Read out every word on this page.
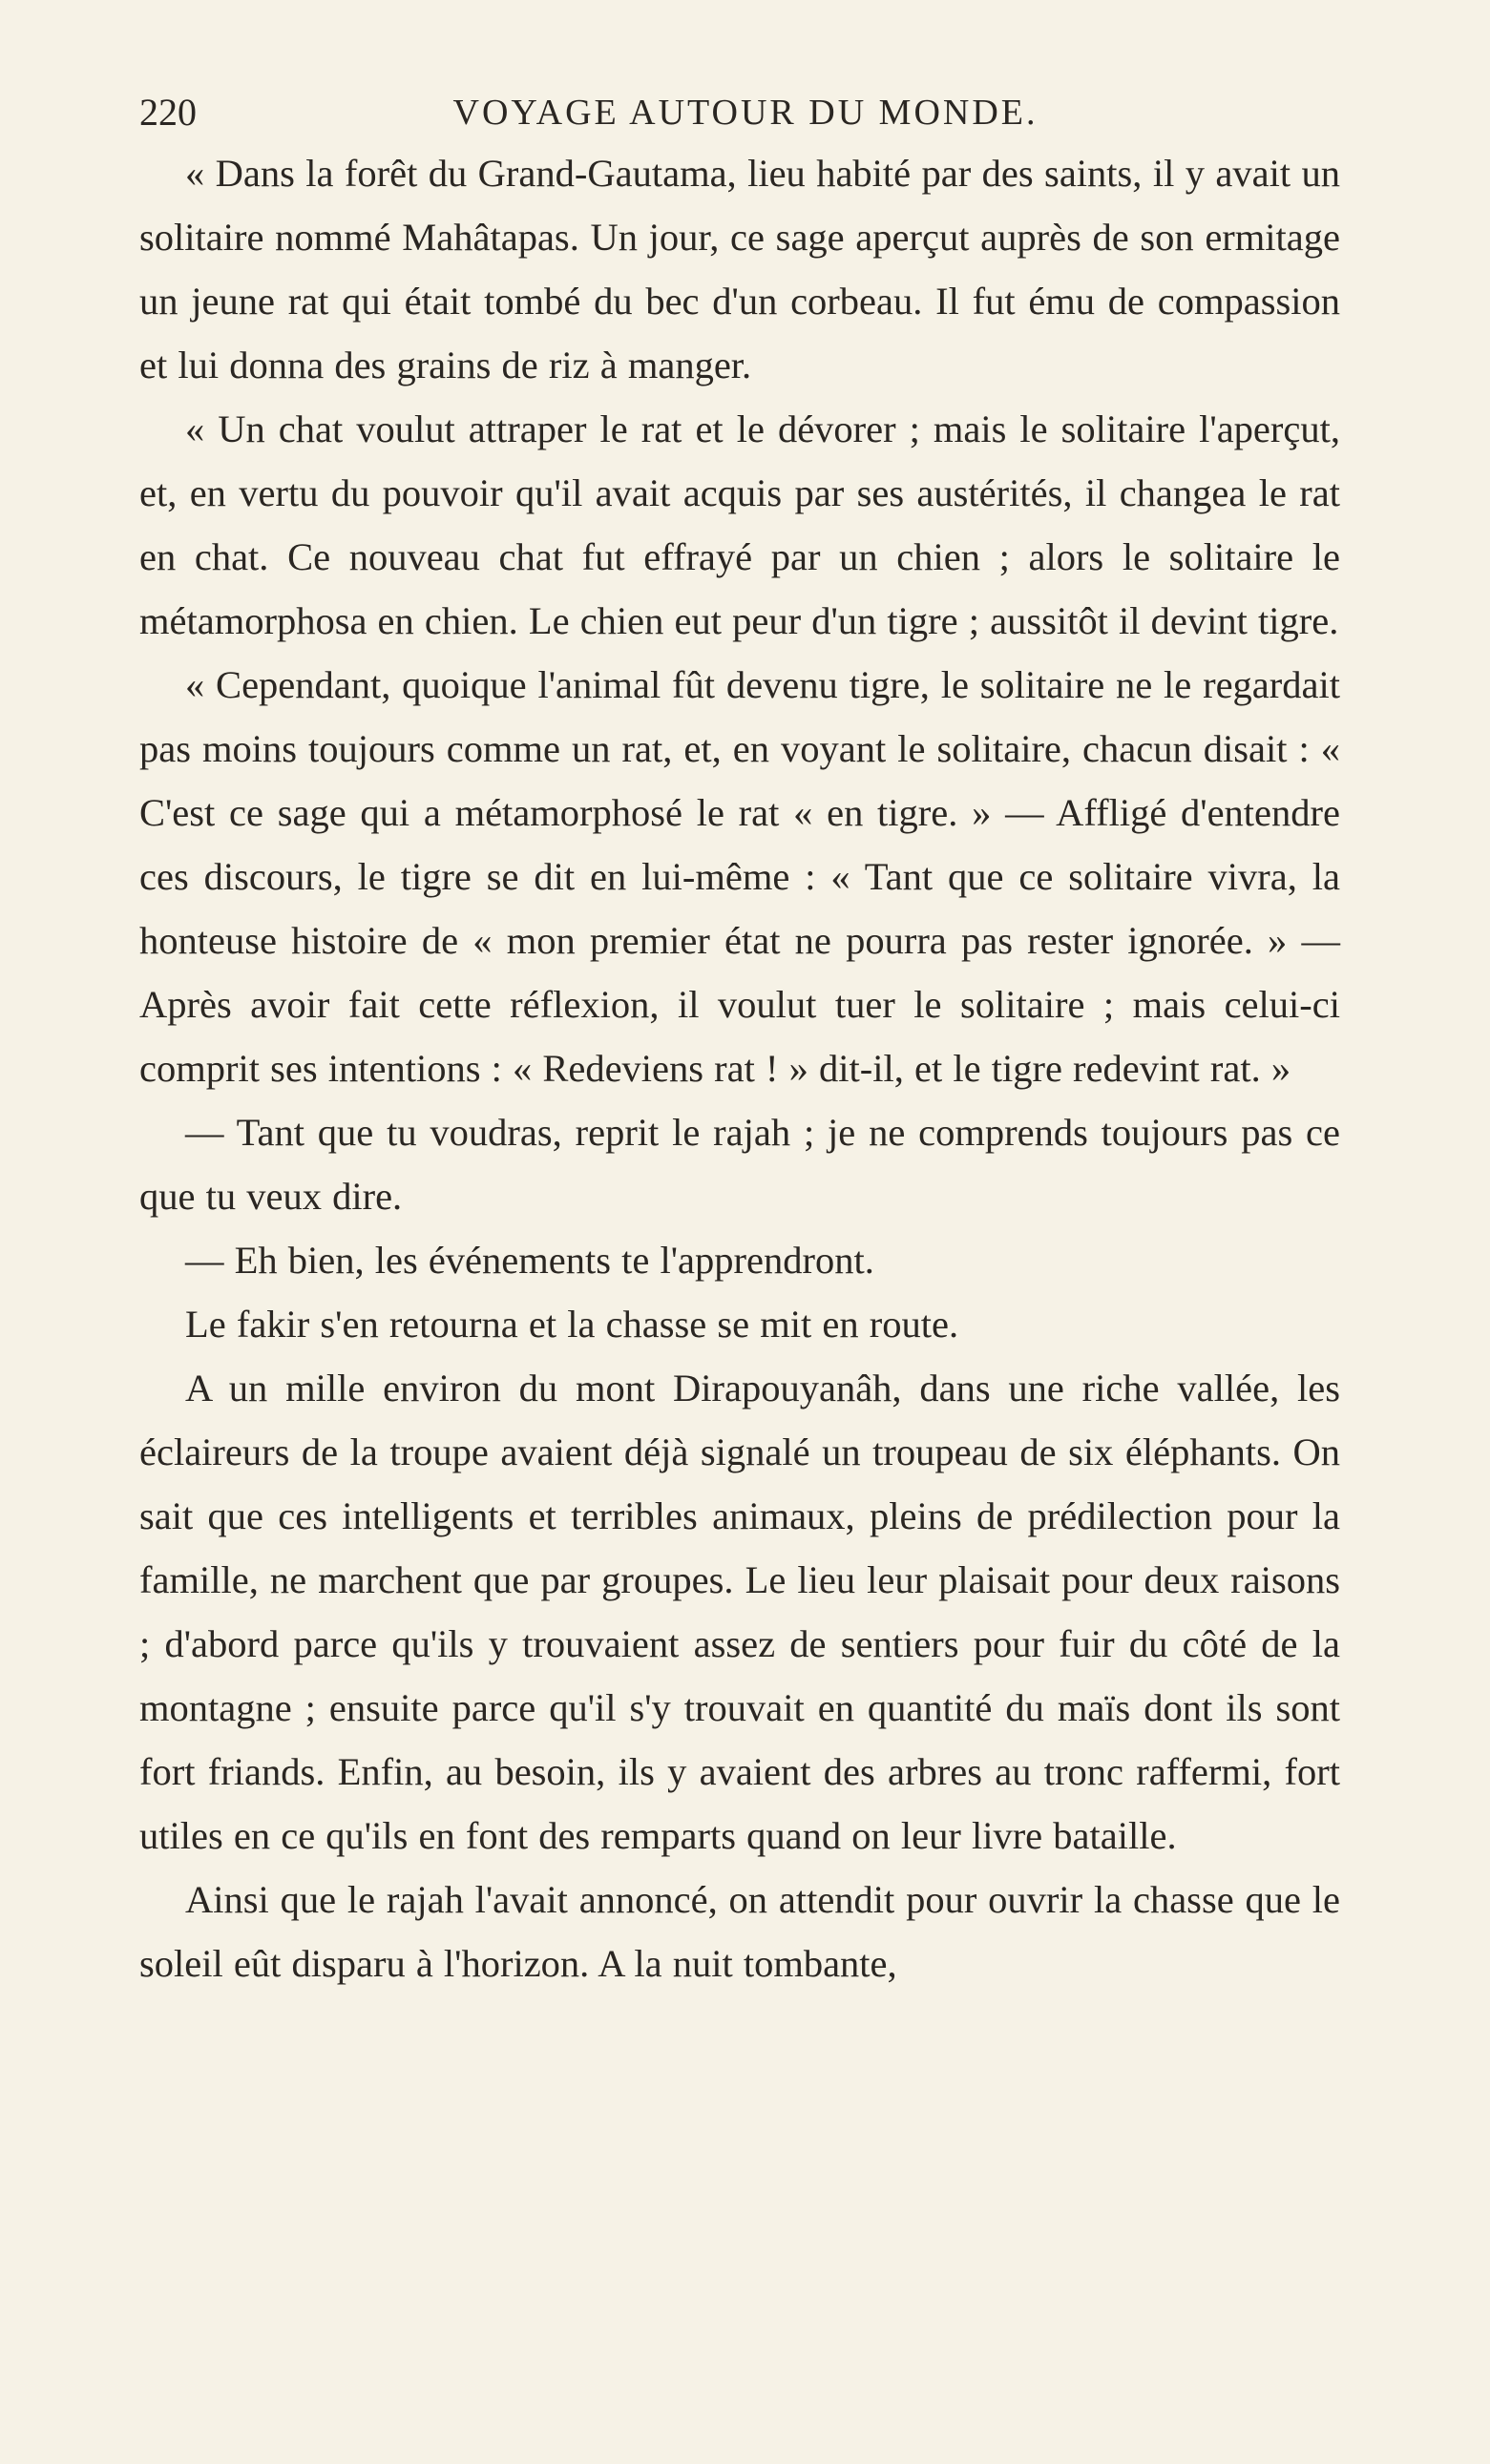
220	VOYAGE AUTOUR DU MONDE.

« Dans la forêt du Grand-Gautama, lieu habité par des saints, il y avait un solitaire nommé Mahâtapas. Un jour, ce sage aperçut auprès de son ermitage un jeune rat qui était tombé du bec d'un corbeau. Il fut ému de compassion et lui donna des grains de riz à manger.

« Un chat voulut attraper le rat et le dévorer ; mais le solitaire l'aperçut, et, en vertu du pouvoir qu'il avait acquis par ses austérités, il changea le rat en chat. Ce nouveau chat fut effrayé par un chien ; alors le solitaire le métamorphosa en chien. Le chien eut peur d'un tigre ; aussitôt il devint tigre.

« Cependant, quoique l'animal fût devenu tigre, le solitaire ne le regardait pas moins toujours comme un rat, et, en voyant le solitaire, chacun disait : « C'est ce sage qui a métamorphosé le rat « en tigre. » — Affligé d'entendre ces discours, le tigre se dit en lui-même : « Tant que ce solitaire vivra, la honteuse histoire de « mon premier état ne pourra pas rester ignorée. » — Après avoir fait cette réflexion, il voulut tuer le solitaire ; mais celui-ci comprit ses intentions : « Redeviens rat ! » dit-il, et le tigre redevint rat. »

— Tant que tu voudras, reprit le rajah ; je ne comprends toujours pas ce que tu veux dire.

— Eh bien, les événements te l'apprendront.

Le fakir s'en retourna et la chasse se mit en route.

A un mille environ du mont Dirapouyanâh, dans une riche vallée, les éclaireurs de la troupe avaient déjà signalé un troupeau de six éléphants. On sait que ces intelligents et terribles animaux, pleins de prédilection pour la famille, ne marchent que par groupes. Le lieu leur plaisait pour deux raisons ; d'abord parce qu'ils y trouvaient assez de sentiers pour fuir du côté de la montagne ; ensuite parce qu'il s'y trouvait en quantité du maïs dont ils sont fort friands. Enfin, au besoin, ils y avaient des arbres au tronc raffermi, fort utiles en ce qu'ils en font des remparts quand on leur livre bataille.

Ainsi que le rajah l'avait annoncé, on attendit pour ouvrir la chasse que le soleil eût disparu à l'horizon. A la nuit tombante,
